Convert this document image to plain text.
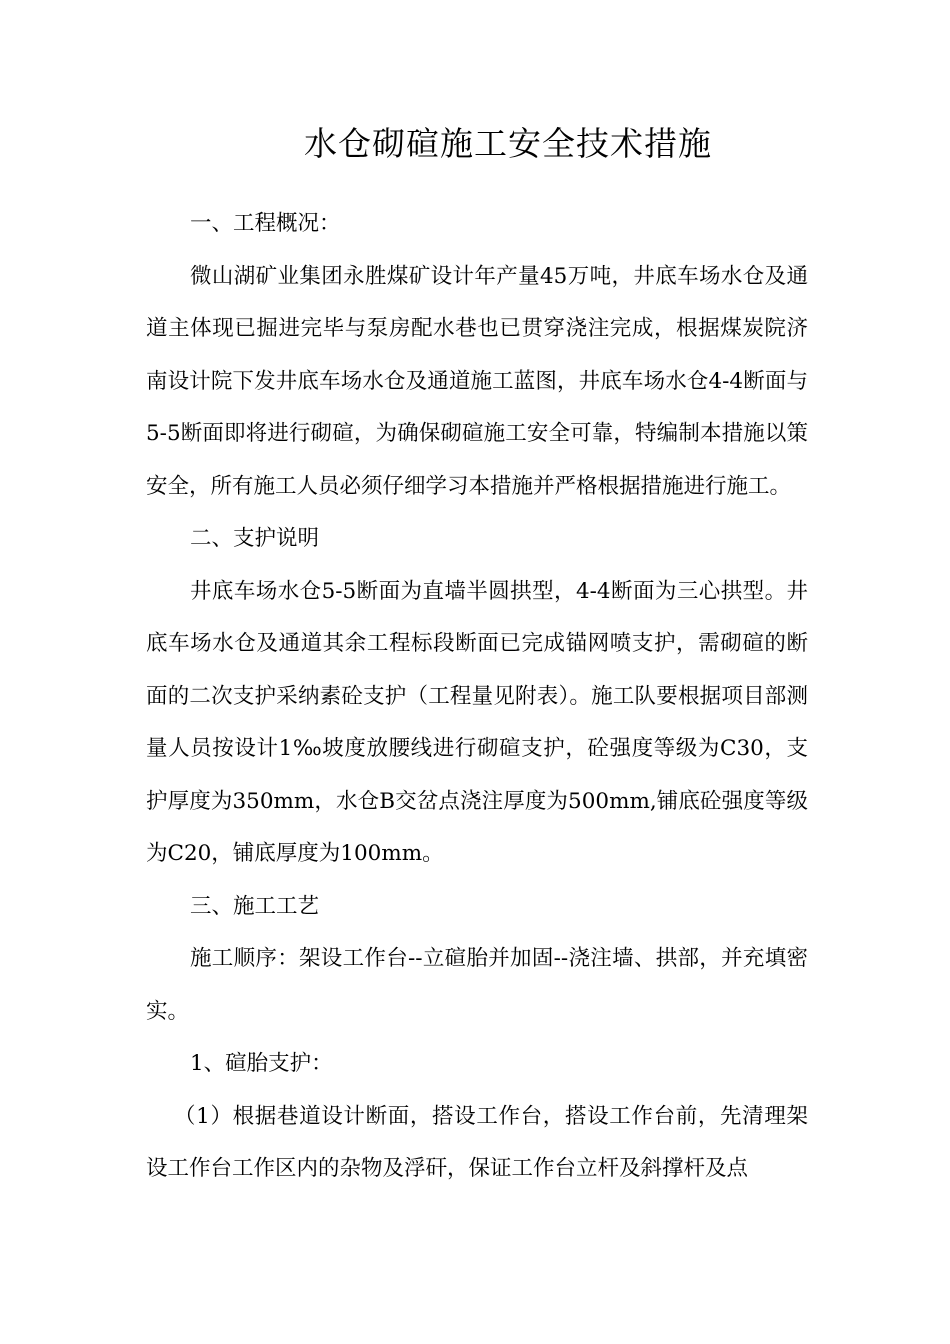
水仓砌碹施工安全技术措施

一、工程概况：

微山湖矿业集团永胜煤矿设计年产量45万吨，井底车场水仓及通道主体现已掘进完毕与泵房配水巷也已贯穿浇注完成，根据煤炭院济南设计院下发井底车场水仓及通道施工蓝图，井底车场水仓4-4断面与5-5断面即将进行砌碹，为确保砌碹施工安全可靠，特编制本措施以策安全，所有施工人员必须仔细学习本措施并严格根据措施进行施工。

二、支护说明

井底车场水仓5-5断面为直墙半圆拱型，4-4断面为三心拱型。井底车场水仓及通道其余工程标段断面已完成锚网喷支护，需砌碹的断面的二次支护采纳素砼支护（工程量见附表）。施工队要根据项目部测量人员按设计1‰坡度放腰线进行砌碹支护，砼强度等级为C30，支护厚度为350mm，水仓B交岔点浇注厚度为500mm,铺底砼强度等级为C20，铺底厚度为100mm。

三、施工工艺

施工顺序：架设工作台--立碹胎并加固--浇注墙、拱部，并充填密实。

1、碹胎支护：

（1）根据巷道设计断面，搭设工作台，搭设工作台前，先清理架设工作台工作区内的杂物及浮矸，保证工作台立杆及斜撑杆及点
